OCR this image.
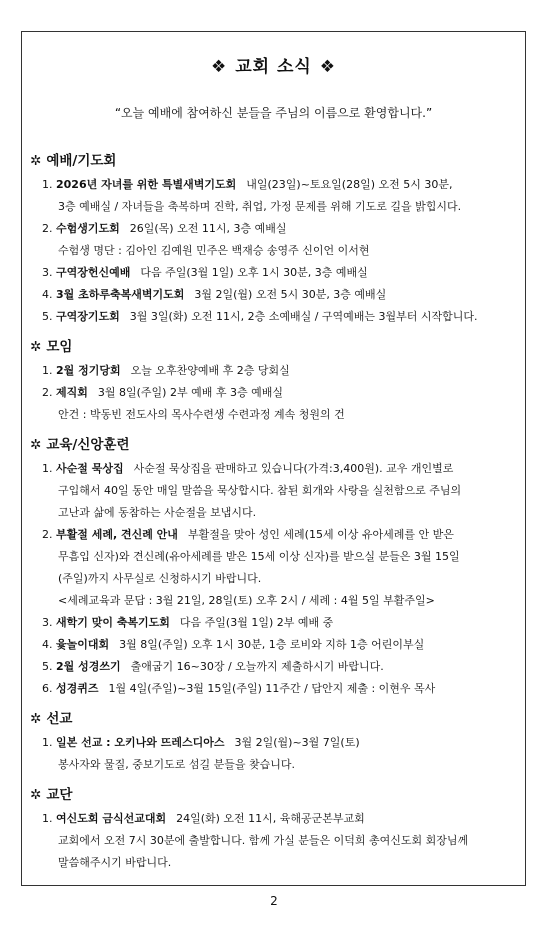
❖ 교회 소식 ❖
“오늘 예배에 참여하신 분들을 주님의 이름으로 환영합니다.”
✲ 예배/기도회
1. 2026년 자녀를 위한 특별새벽기도회 내일(23일)~토요일(28일) 오전 5시 30분,
3층 예배실 / 자녀들을 축복하며 진학, 취업, 가정 문제를 위해 기도로 길을 밝힙시다.
2. 수험생기도회 26일(목) 오전 11시, 3층 예배실
수험생 명단 : 김아인 김예원 민주은 백재승 송영주 신이언 이서현
3. 구역장헌신예배 다음 주일(3월 1일) 오후 1시 30분, 3층 예배실
4. 3월 초하루축복새벽기도회 3월 2일(월) 오전 5시 30분, 3층 예배실
5. 구역장기도회 3월 3일(화) 오전 11시, 2층 소예배실 / 구역예배는 3월부터 시작합니다.
✲ 모임
1. 2월 정기당회 오늘 오후찬양예배 후 2층 당회실
2. 제직회 3월 8일(주일) 2부 예배 후 3층 예배실
안건 : 박동빈 전도사의 목사수련생 수련과정 계속 청원의 건
✲ 교육/신앙훈련
1. 사순절 묵상집 사순절 묵상집을 판매하고 있습니다(가격:3,400원). 교우 개인별로
구입해서 40일 동안 매일 말씀을 묵상합시다. 참된 회개와 사랑을 실천함으로 주님의
고난과 삶에 동참하는 사순절을 보냅시다.
2. 부활절 세례, 견신례 안내 부활절을 맞아 성인 세례(15세 이상 유아세례를 안 받은
무흠입 신자)와 견신례(유아세례를 받은 15세 이상 신자)를 받으실 분들은 3월 15일
(주일)까지 사무실로 신청하시기 바랍니다.
<세례교육과 문답 : 3월 21일, 28일(토) 오후 2시 / 세례 : 4월 5일 부활주일>
3. 새학기 맞이 축복기도회 다음 주일(3월 1일) 2부 예배 중
4. 윷놀이대회 3월 8일(주일) 오후 1시 30분, 1층 로비와 지하 1층 어린이부실
5. 2월 성경쓰기 출애굽기 16~30장 / 오늘까지 제출하시기 바랍니다.
6. 성경퀴즈 1월 4일(주일)~3월 15일(주일) 11주간 / 답안지 제출 : 이현우 목사
✲ 선교
1. 일본 선교 : 오키나와 뜨레스디아스 3월 2일(월)~3월 7일(토)
봉사자와 물질, 중보기도로 섬길 분들을 찾습니다.
✲ 교단
1. 여신도회 금식선교대회 24일(화) 오전 11시, 육해공군본부교회
교회에서 오전 7시 30분에 출발합니다. 함께 가실 분들은 이덕희 총여신도회 회장님께
말씀해주시기 바랍니다.
2
